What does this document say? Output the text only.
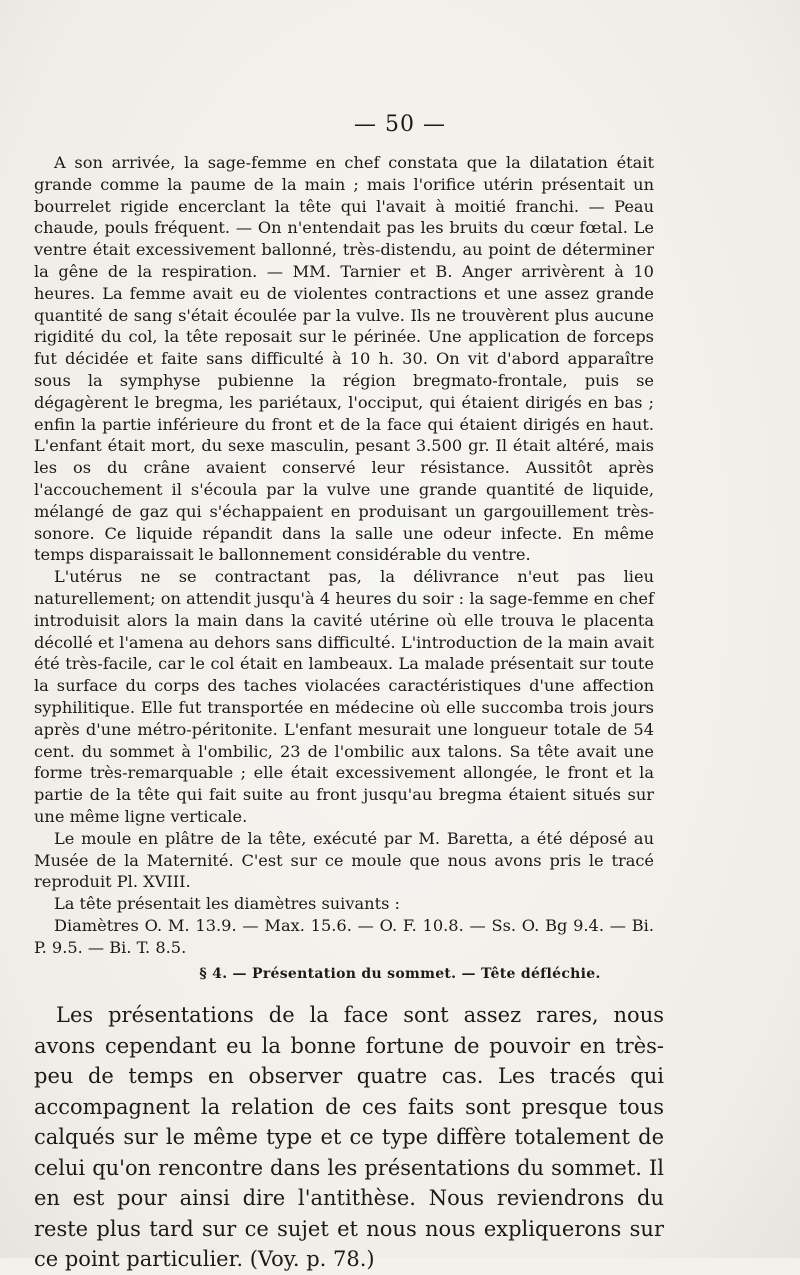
— 50 —

A son arrivée, la sage-femme en chef constata que la dilatation était grande comme la paume de la main ; mais l'orifice utérin présentait un bourrelet rigide encerclant la tête qui l'avait à moitié franchi. — Peau chaude, pouls fréquent. — On n'entendait pas les bruits du cœur fœtal. Le ventre était excessivement ballonné, très-distendu, au point de déterminer la gêne de la respiration. — MM. Tarnier et B. Anger arrivèrent à 10 heures. La femme avait eu de violentes contractions et une assez grande quantité de sang s'était écoulée par la vulve. Ils ne trouvèrent plus aucune rigidité du col, la tête reposait sur le périnée. Une application de forceps fut décidée et faite sans difficulté à 10 h. 30. On vit d'abord apparaître sous la symphyse pubienne la région bregmato-frontale, puis se dégagèrent le bregma, les pariétaux, l'occiput, qui étaient dirigés en bas ; enfin la partie inférieure du front et de la face qui étaient dirigés en haut. L'enfant était mort, du sexe masculin, pesant 3.500 gr. Il était altéré, mais les os du crâne avaient conservé leur résistance. Aussitôt après l'accouchement il s'écoula par la vulve une grande quantité de liquide, mélangé de gaz qui s'échappaient en produisant un gargouillement très-sonore. Ce liquide répandit dans la salle une odeur infecte. En même temps disparaissait le ballonnement considérable du ventre.

L'utérus ne se contractant pas, la délivrance n'eut pas lieu naturellement; on attendit jusqu'à 4 heures du soir : la sage-femme en chef introduisit alors la main dans la cavité utérine où elle trouva le placenta décollé et l'amena au dehors sans difficulté. L'introduction de la main avait été très-facile, car le col était en lambeaux. La malade présentait sur toute la surface du corps des taches violacées caractéristiques d'une affection syphilitique. Elle fut transportée en médecine où elle succomba trois jours après d'une métro-péritonite. L'enfant mesurait une longueur totale de 54 cent. du sommet à l'ombilic, 23 de l'ombilic aux talons. Sa tête avait une forme très-remarquable ; elle était excessivement allongée, le front et la partie de la tête qui fait suite au front jusqu'au bregma étaient situés sur une même ligne verticale.

Le moule en plâtre de la tête, exécuté par M. Baretta, a été déposé au Musée de la Maternité. C'est sur ce moule que nous avons pris le tracé reproduit Pl. XVIII.

La tête présentait les diamètres suivants :

Diamètres O. M. 13.9. — Max. 15.6. — O. F. 10.8. — Ss. O. Bg 9.4. — Bi. P. 9.5. — Bi. T. 8.5.

§ 4. — Présentation du sommet. — Tête défléchie.

Les présentations de la face sont assez rares, nous avons cependant eu la bonne fortune de pouvoir en très-peu de temps en observer quatre cas. Les tracés qui accompagnent la relation de ces faits sont presque tous calqués sur le même type et ce type diffère totalement de celui qu'on rencontre dans les présentations du sommet. Il en est pour ainsi dire l'antithèse. Nous reviendrons du reste plus tard sur ce sujet et nous nous expliquerons sur ce point particulier. (Voy. p. 78.)
